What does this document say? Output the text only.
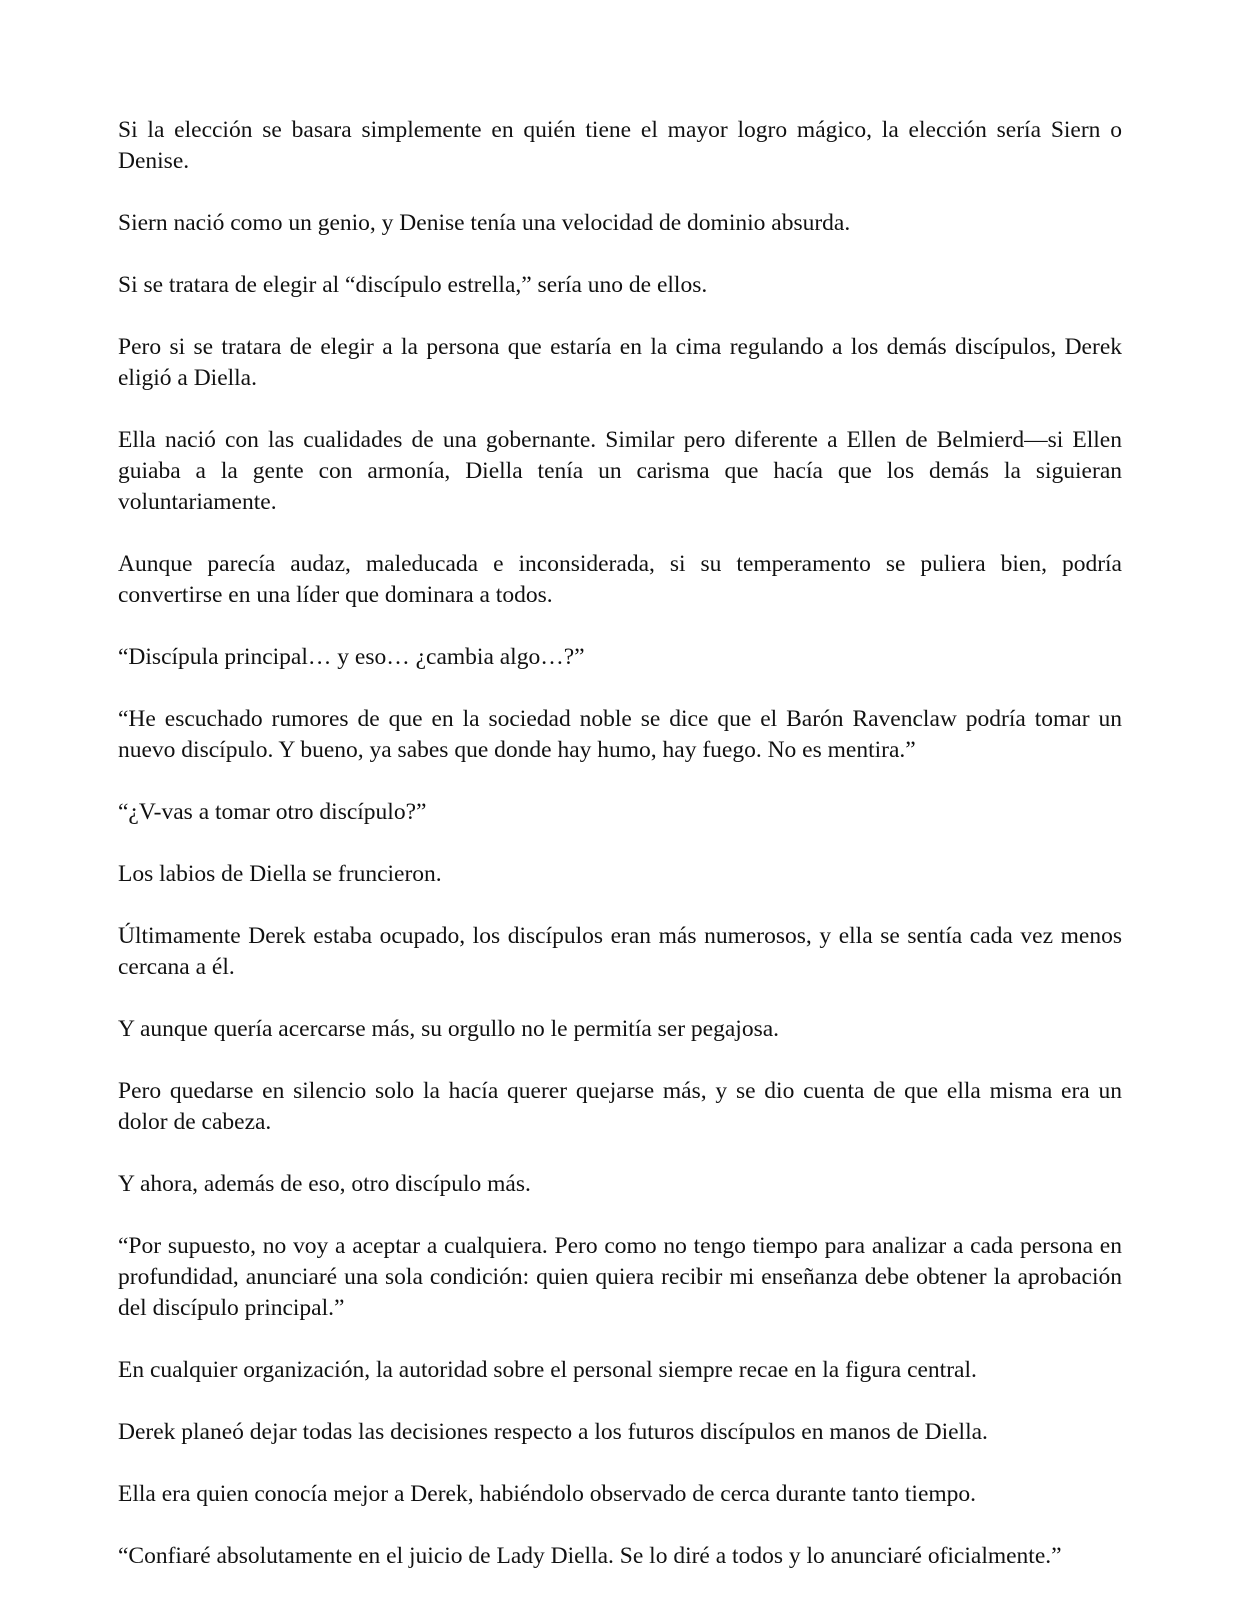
Si la elección se basara simplemente en quién tiene el mayor logro mágico, la elección sería Siern o Denise.

Siern nació como un genio, y Denise tenía una velocidad de dominio absurda.

Si se tratara de elegir al “discípulo estrella,” sería uno de ellos.

Pero si se tratara de elegir a la persona que estaría en la cima regulando a los demás discípulos, Derek eligió a Diella.

Ella nació con las cualidades de una gobernante. Similar pero diferente a Ellen de Belmierd—si Ellen guiaba a la gente con armonía, Diella tenía un carisma que hacía que los demás la siguieran voluntariamente.

Aunque parecía audaz, maleducada e inconsiderada, si su temperamento se puliera bien, podría convertirse en una líder que dominara a todos.

“Discípula principal… y eso… ¿cambia algo…?”

“He escuchado rumores de que en la sociedad noble se dice que el Barón Ravenclaw podría tomar un nuevo discípulo. Y bueno, ya sabes que donde hay humo, hay fuego. No es mentira.”

“¿V-vas a tomar otro discípulo?”

Los labios de Diella se fruncieron.

Últimamente Derek estaba ocupado, los discípulos eran más numerosos, y ella se sentía cada vez menos cercana a él.

Y aunque quería acercarse más, su orgullo no le permitía ser pegajosa.

Pero quedarse en silencio solo la hacía querer quejarse más, y se dio cuenta de que ella misma era un dolor de cabeza.

Y ahora, además de eso, otro discípulo más.

“Por supuesto, no voy a aceptar a cualquiera. Pero como no tengo tiempo para analizar a cada persona en profundidad, anunciaré una sola condición: quien quiera recibir mi enseñanza debe obtener la aprobación del discípulo principal.”

En cualquier organización, la autoridad sobre el personal siempre recae en la figura central.

Derek planeó dejar todas las decisiones respecto a los futuros discípulos en manos de Diella.

Ella era quien conocía mejor a Derek, habiéndolo observado de cerca durante tanto tiempo.

“Confiaré absolutamente en el juicio de Lady Diella. Se lo diré a todos y lo anunciaré oficialmente.”
